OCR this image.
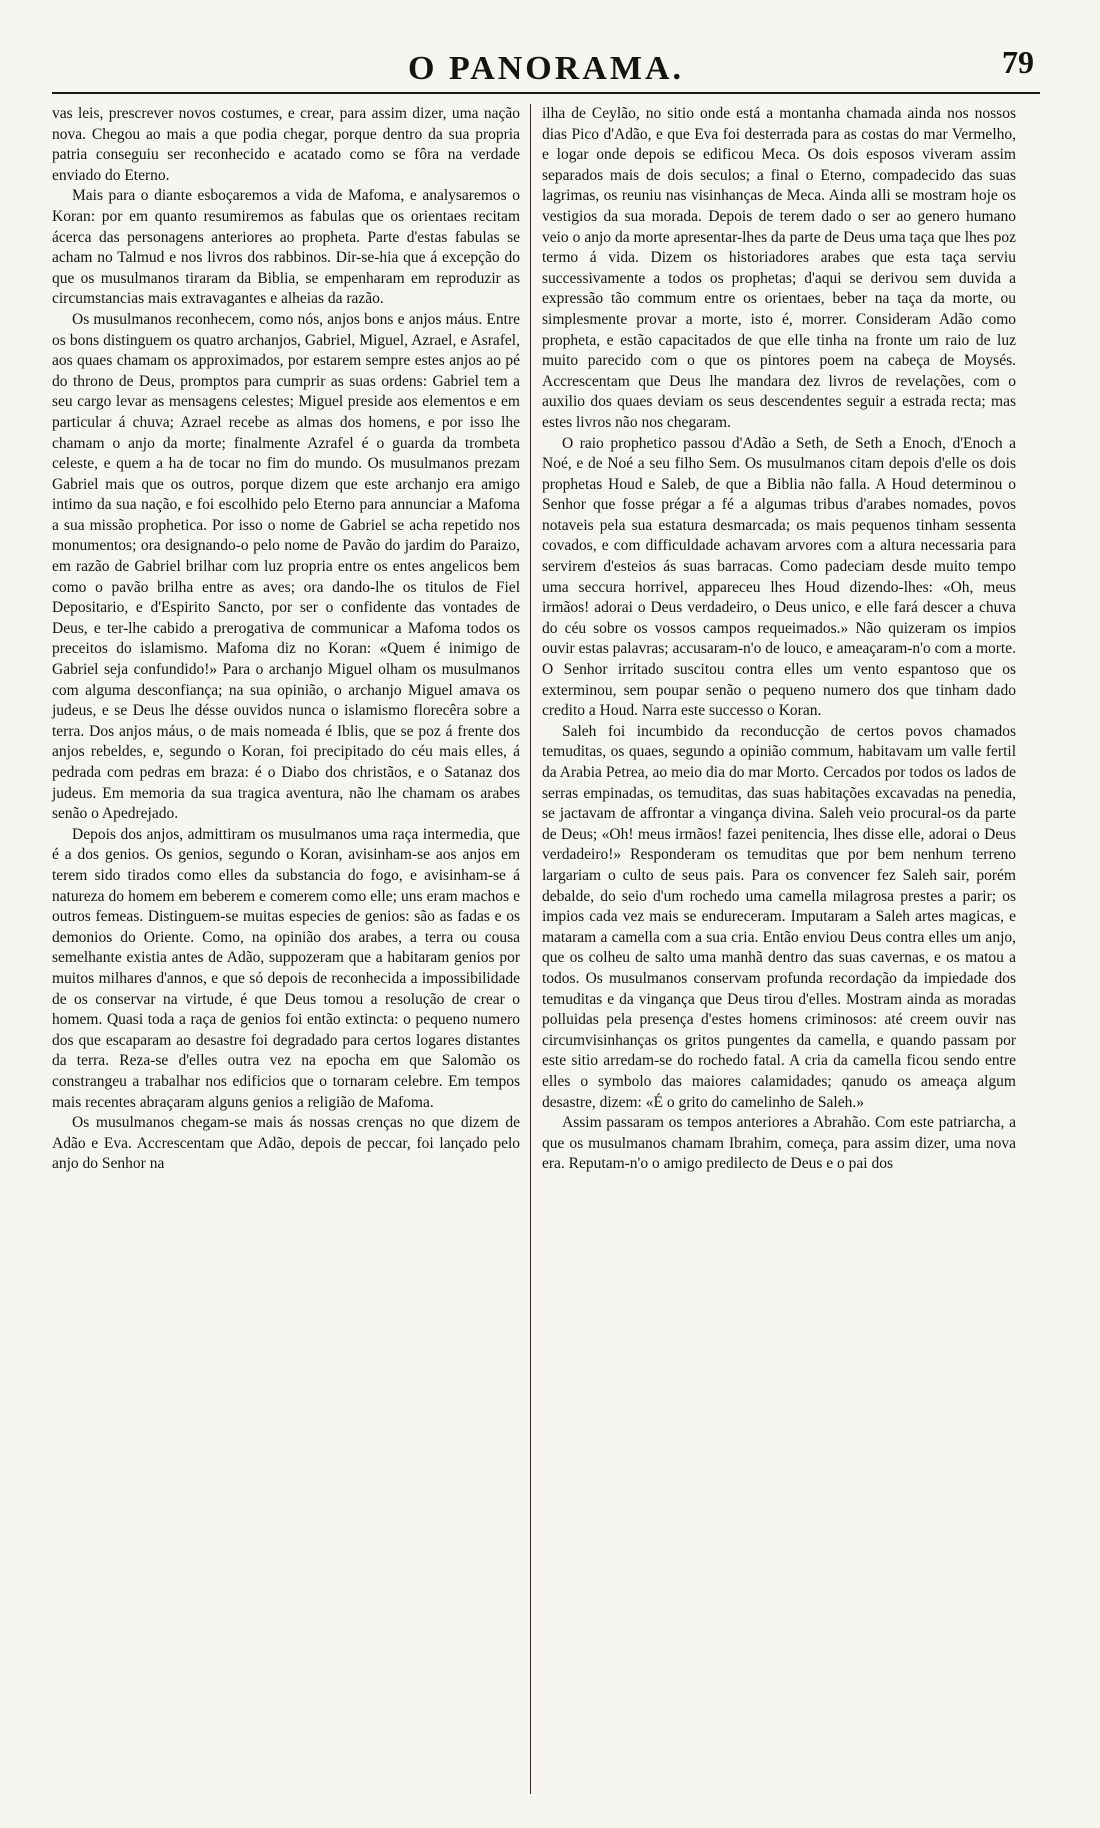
O PANORAMA.	79

vas leis, prescrever novos costumes, e crear, para assim dizer, uma nação nova. Chegou ao mais a que podia chegar, porque dentro da sua propria patria conseguiu ser reconhecido e acatado como se fôra na verdade enviado do Eterno.

Mais para o diante esboçaremos a vida de Mafoma, e analysaremos o Koran: por em quanto resumiremos as fabulas que os orientaes recitam ácerca das personagens anteriores ao propheta. Parte d'estas fabulas se acham no Talmud e nos livros dos rabbinos. Dir-se-hia que á excepção do que os musulmanos tiraram da Biblia, se empenharam em reproduzir as circumstancias mais extravagantes e alheias da razão.

Os musulmanos reconhecem, como nós, anjos bons e anjos máus. Entre os bons distinguem os quatro archanjos, Gabriel, Miguel, Azrael, e Asrafel, aos quaes chamam os approximados, por estarem sempre estes anjos ao pé do throno de Deus, promptos para cumprir as suas ordens: Gabriel tem a seu cargo levar as mensagens celestes; Miguel preside aos elementos e em particular á chuva; Azrael recebe as almas dos homens, e por isso lhe chamam o anjo da morte; finalmente Azrafel é o guarda da trombeta celeste, e quem a ha de tocar no fim do mundo. Os musulmanos prezam Gabriel mais que os outros, porque dizem que este archanjo era amigo intimo da sua nação, e foi escolhido pelo Eterno para annunciar a Mafoma a sua missão prophetica. Por isso o nome de Gabriel se acha repetido nos monumentos; ora designando-o pelo nome de Pavão do jardim do Paraizo, em razão de Gabriel brilhar com luz propria entre os entes angelicos bem como o pavão brilha entre as aves; ora dando-lhe os titulos de Fiel Depositario, e d'Espirito Sancto, por ser o confidente das vontades de Deus, e ter-lhe cabido a prerogativa de communicar a Mafoma todos os preceitos do islamismo. Mafoma diz no Koran: «Quem é inimigo de Gabriel seja confundido!» Para o archanjo Miguel olham os musulmanos com alguma desconfiança; na sua opinião, o archanjo Miguel amava os judeus, e se Deus lhe désse ouvidos nunca o islamismo florecêra sobre a terra. Dos anjos máus, o de mais nomeada é Iblis, que se poz á frente dos anjos rebeldes, e, segundo o Koran, foi precipitado do céu mais elles, á pedrada com pedras em braza: é o Diabo dos christãos, e o Satanaz dos judeus. Em memoria da sua tragica aventura, não lhe chamam os arabes senão o Apedrejado.

Depois dos anjos, admittiram os musulmanos uma raça intermedia, que é a dos genios. Os genios, segundo o Koran, avisinham-se aos anjos em terem sido tirados como elles da substancia do fogo, e avisinham-se á natureza do homem em beberem e comerem como elle; uns eram machos e outros femeas. Distinguem-se muitas especies de genios: são as fadas e os demonios do Oriente. Como, na opinião dos arabes, a terra ou cousa semelhante existia antes de Adão, suppozeram que a habitaram genios por muitos milhares d'annos, e que só depois de reconhecida a impossibilidade de os conservar na virtude, é que Deus tomou a resolução de crear o homem. Quasi toda a raça de genios foi então extincta: o pequeno numero dos que escaparam ao desastre foi degradado para certos logares distantes da terra. Reza-se d'elles outra vez na epocha em que Salomão os constrangeu a trabalhar nos edificios que o tornaram celebre. Em tempos mais recentes abraçaram alguns genios a religião de Mafoma.

Os musulmanos chegam-se mais ás nossas crenças no que dizem de Adão e Eva. Accrescentam que Adão, depois de peccar, foi lançado pelo anjo do Senhor na

ilha de Ceylão, no sitio onde está a montanha chamada ainda nos nossos dias Pico d'Adão, e que Eva foi desterrada para as costas do mar Vermelho, e logar onde depois se edificou Meca. Os dois esposos viveram assim separados mais de dois seculos; a final o Eterno, compadecido das suas lagrimas, os reuniu nas visinhanças de Meca. Ainda alli se mostram hoje os vestigios da sua morada. Depois de terem dado o ser ao genero humano veio o anjo da morte apresentar-lhes da parte de Deus uma taça que lhes poz termo á vida. Dizem os historiadores arabes que esta taça serviu successivamente a todos os prophetas; d'aqui se derivou sem duvida a expressão tão commum entre os orientaes, beber na taça da morte, ou simplesmente provar a morte, isto é, morrer. Consideram Adão como propheta, e estão capacitados de que elle tinha na fronte um raio de luz muito parecido com o que os pintores poem na cabeça de Moysés. Accrescentam que Deus lhe mandara dez livros de revelações, com o auxilio dos quaes deviam os seus descendentes seguir a estrada recta; mas estes livros não nos chegaram.

O raio prophetico passou d'Adão a Seth, de Seth a Enoch, d'Enoch a Noé, e de Noé a seu filho Sem. Os musulmanos citam depois d'elle os dois prophetas Houd e Saleb, de que a Biblia não falla. A Houd determinou o Senhor que fosse prégar a fé a algumas tribus d'arabes nomades, povos notaveis pela sua estatura desmarcada; os mais pequenos tinham sessenta covados, e com difficuldade achavam arvores com a altura necessaria para servirem d'esteios ás suas barracas. Como padeciam desde muito tempo uma seccura horrivel, appareceu lhes Houd dizendo-lhes: «Oh, meus irmãos! adorai o Deus verdadeiro, o Deus unico, e elle fará descer a chuva do céu sobre os vossos campos requeimados.» Não quizeram os impios ouvir estas palavras; accusaram-n'o de louco, e ameaçaram-n'o com a morte. O Senhor irritado suscitou contra elles um vento espantoso que os exterminou, sem poupar senão o pequeno numero dos que tinham dado credito a Houd. Narra este successo o Koran.

Saleh foi incumbido da reconducção de certos povos chamados temuditas, os quaes, segundo a opinião commum, habitavam um valle fertil da Arabia Petrea, ao meio dia do mar Morto. Cercados por todos os lados de serras empinadas, os temuditas, das suas habitações excavadas na penedia, se jactavam de affrontar a vingança divina. Saleh veio procural-os da parte de Deus; «Oh! meus irmãos! fazei penitencia, lhes disse elle, adorai o Deus verdadeiro!» Responderam os temuditas que por bem nenhum terreno largariam o culto de seus pais. Para os convencer fez Saleh sair, porém debalde, do seio d'um rochedo uma camella milagrosa prestes a parir; os impios cada vez mais se endureceram. Imputaram a Saleh artes magicas, e mataram a camella com a sua cria. Então enviou Deus contra elles um anjo, que os colheu de salto uma manhã dentro das suas cavernas, e os matou a todos. Os musulmanos conservam profunda recordação da impiedade dos temuditas e da vingança que Deus tirou d'elles. Mostram ainda as moradas polluidas pela presença d'estes homens criminosos: até creem ouvir nas circumvisinhanças os gritos pungentes da camella, e quando passam por este sitio arredam-se do rochedo fatal. A cria da camella ficou sendo entre elles o symbolo das maiores calamidades; qanudo os ameaça algum desastre, dizem: «É o grito do camelinho de Saleh.»

Assim passaram os tempos anteriores a Abrahão. Com este patriarcha, a que os musulmanos chamam Ibrahim, começa, para assim dizer, uma nova era. Reputam-n'o o amigo predilecto de Deus e o pai dos
